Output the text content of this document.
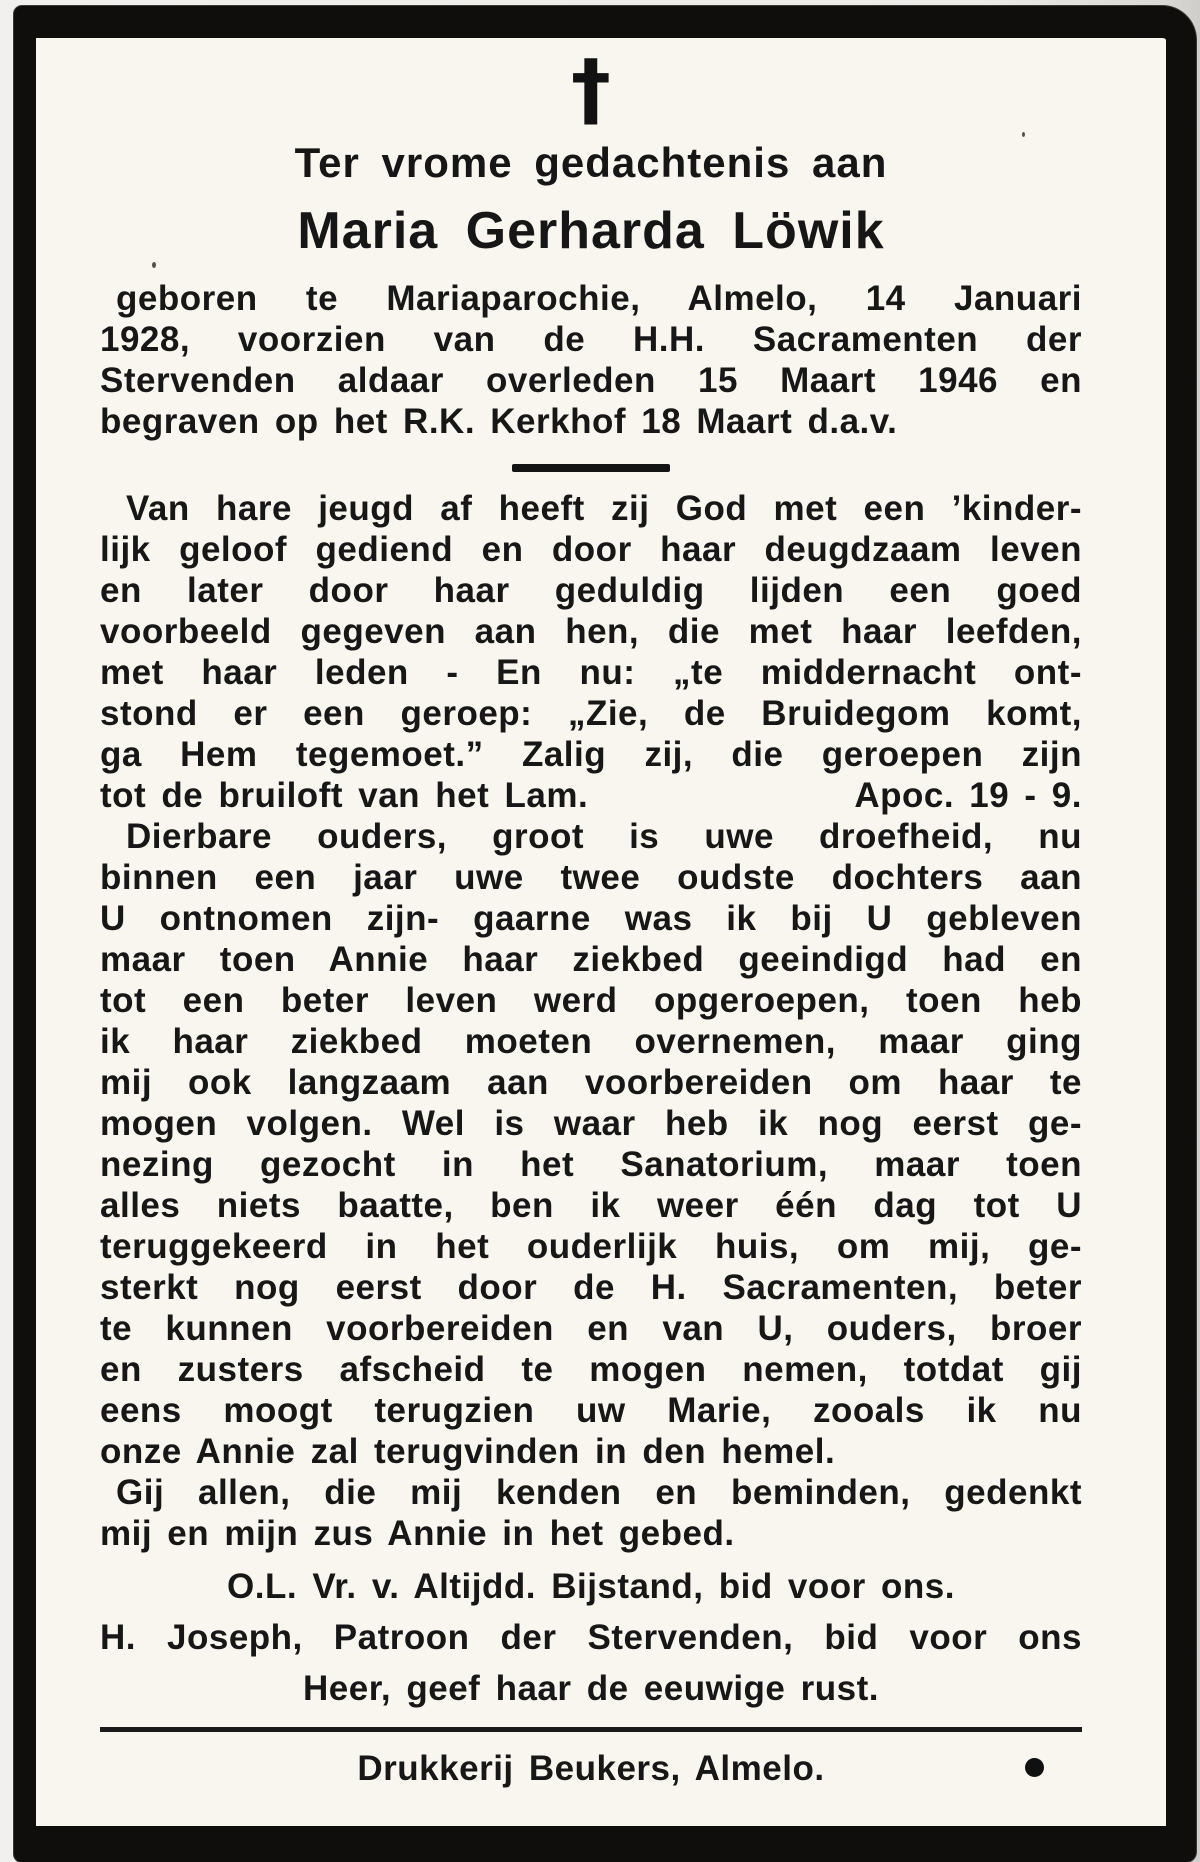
†
Ter vrome gedachtenis aan
Maria Gerharda Löwik
geboren te Mariaparochie, Almelo, 14 Januari
1928, voorzien van de H.H. Sacramenten der
Stervenden aldaar overleden 15 Maart 1946 en
begraven op het R.K. Kerkhof 18 Maart d.a.v.
Van hare jeugd af heeft zij God met een ’kinder-
lijk geloof gediend en door haar deugdzaam leven
en later door haar geduldig lijden een goed
voorbeeld gegeven aan hen, die met haar leefden,
met haar leden - En nu: „te middernacht ont-
stond er een geroep: „Zie, de Bruidegom komt,
ga Hem tegemoet.” Zalig zij, die geroepen zijn
tot de bruiloft van het Lam.	Apoc. 19 - 9.
Dierbare ouders, groot is uwe droefheid, nu
binnen een jaar uwe twee oudste dochters aan
U ontnomen zijn- gaarne was ik bij U gebleven
maar toen Annie haar ziekbed geeindigd had en
tot een beter leven werd opgeroepen, toen heb
ik haar ziekbed moeten overnemen, maar ging
mij ook langzaam aan voorbereiden om haar te
mogen volgen. Wel is waar heb ik nog eerst ge-
nezing gezocht in het Sanatorium, maar toen
alles niets baatte, ben ik weer één dag tot U
teruggekeerd in het ouderlijk huis, om mij, ge-
sterkt nog eerst door de H. Sacramenten, beter
te kunnen voorbereiden en van U, ouders, broer
en zusters afscheid te mogen nemen, totdat gij
eens moogt terugzien uw Marie, zooals ik nu
onze Annie zal terugvinden in den hemel.
Gij allen, die mij kenden en beminden, gedenkt
mij en mijn zus Annie in het gebed.
O.L. Vr. v. Altijdd. Bijstand, bid voor ons.
H. Joseph, Patroon der Stervenden, bid voor ons
Heer, geef haar de eeuwige rust.
Drukkerij Beukers, Almelo.
